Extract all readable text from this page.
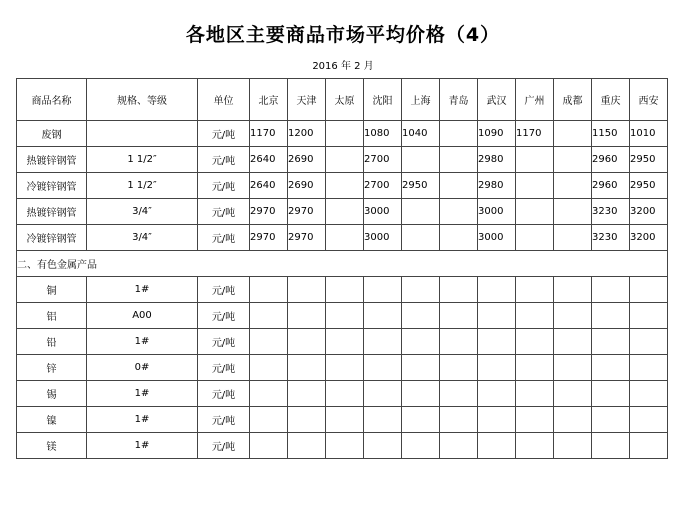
各地区主要商品市场平均价格（4）
2016 年 2 月
商品名称	规格、等级	单位	北京	天津	太原	沈阳	上海	青岛	武汉	广州	成都	重庆	西安
废钢		元/吨	1170	1200		1080	1040		1090	1170		1150	1010
热镀锌钢管	1 1/2″	元/吨	2640	2690		2700			2980			2960	2950
冷镀锌钢管	1 1/2″	元/吨	2640	2690		2700	2950		2980			2960	2950
热镀锌钢管	3/4″	元/吨	2970	2970		3000			3000			3230	3200
冷镀锌钢管	3/4″	元/吨	2970	2970		3000			3000			3230	3200
二、有色金属产品													
铜	1#	元/吨											
铝	A00	元/吨											
铅	1#	元/吨											
锌	0#	元/吨											
锡	1#	元/吨											
镍	1#	元/吨											
镁	1#	元/吨											
